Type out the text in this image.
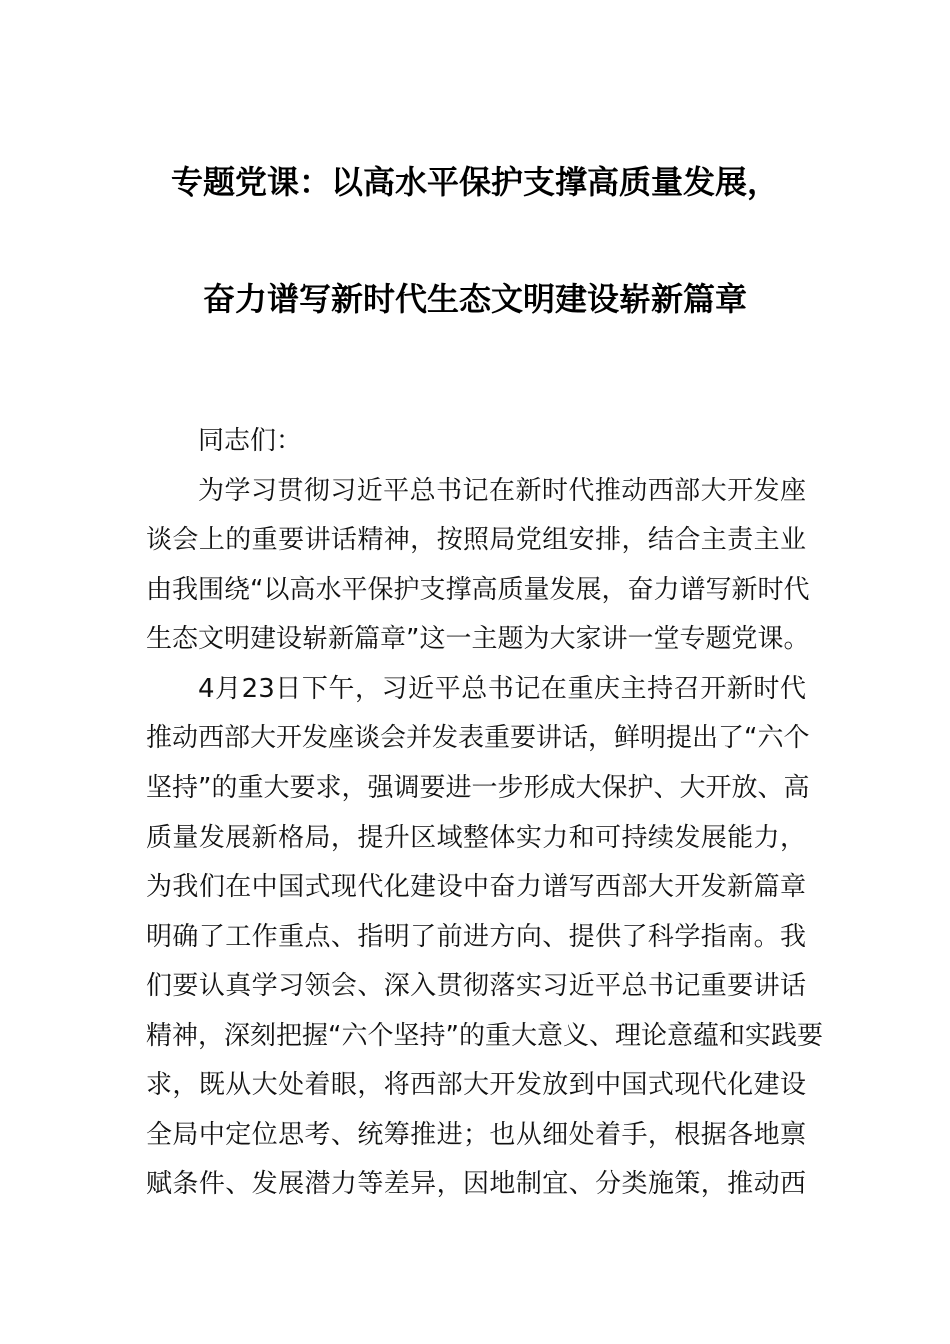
专题党课：以高水平保护支撑高质量发展，
奋力谱写新时代生态文明建设崭新篇章
同志们：
为学习贯彻习近平总书记在新时代推动西部大开发座
谈会上的重要讲话精神，按照局党组安排，结合主责主业
由我围绕“以高水平保护支撑高质量发展，奋力谱写新时代
生态文明建设崭新篇章”这一主题为大家讲一堂专题党课。
4月23日下午，习近平总书记在重庆主持召开新时代
推动西部大开发座谈会并发表重要讲话，鲜明提出了“六个
坚持”的重大要求，强调要进一步形成大保护、大开放、高
质量发展新格局，提升区域整体实力和可持续发展能力，
为我们在中国式现代化建设中奋力谱写西部大开发新篇章
明确了工作重点、指明了前进方向、提供了科学指南。我
们要认真学习领会、深入贯彻落实习近平总书记重要讲话
精神，深刻把握“六个坚持”的重大意义、理论意蕴和实践要
求，既从大处着眼，将西部大开发放到中国式现代化建设
全局中定位思考、统筹推进；也从细处着手，根据各地禀
赋条件、发展潜力等差异，因地制宜、分类施策，推动西
